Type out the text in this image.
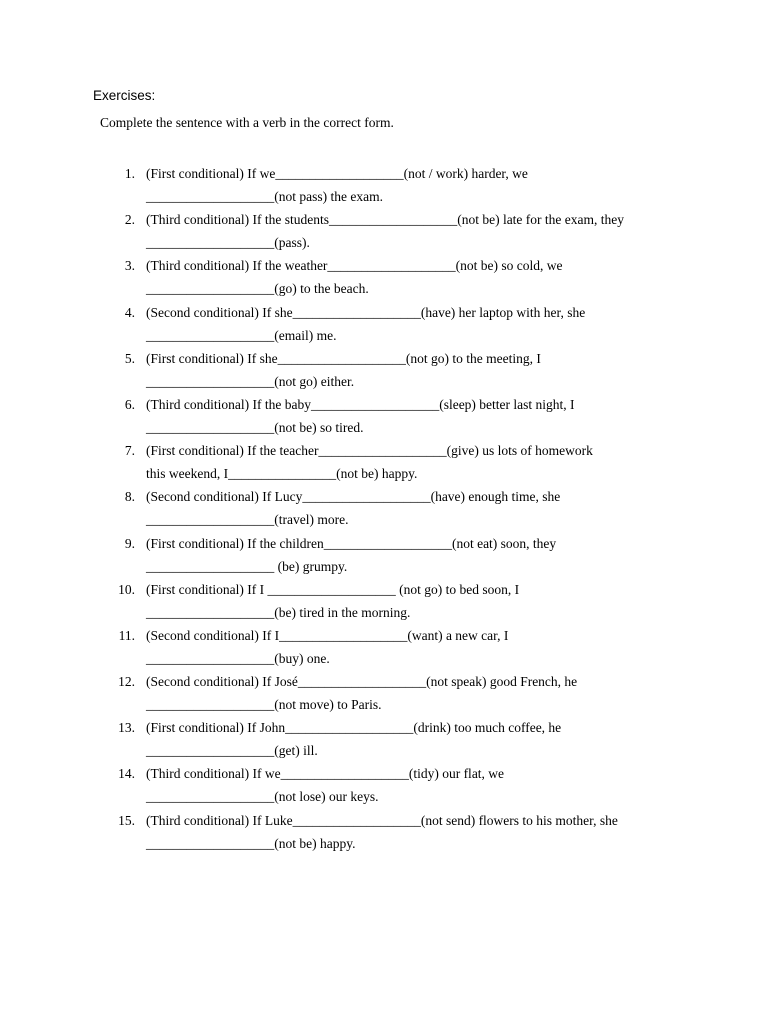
Exercises:
Complete the sentence with a verb in the correct form.
1. (First conditional) If we___________________(not / work) harder, we
___________________(not pass) the exam.
2. (Third conditional) If the students___________________(not be) late for the exam, they
___________________(pass).
3. (Third conditional) If the weather___________________(not be) so cold, we
___________________(go) to the beach.
4. (Second conditional) If she___________________(have) her laptop with her, she
___________________(email) me.
5. (First conditional) If she___________________(not go) to the meeting, I
___________________(not go) either.
6. (Third conditional) If the baby___________________(sleep) better last night, I
___________________(not be) so tired.
7. (First conditional) If the teacher___________________(give) us lots of homework
this weekend, I________________(not be) happy.
8. (Second conditional) If Lucy___________________(have) enough time, she
___________________(travel) more.
9. (First conditional) If the children___________________(not eat) soon, they
___________________ (be) grumpy.
10. (First conditional) If I ___________________ (not go) to bed soon, I
___________________(be) tired in the morning.
11. (Second conditional) If I___________________(want) a new car, I
___________________(buy) one.
12. (Second conditional) If José___________________(not speak) good French, he
___________________(not move) to Paris.
13. (First conditional) If John___________________(drink) too much coffee, he
___________________(get) ill.
14. (Third conditional) If we___________________(tidy) our flat, we
___________________(not lose) our keys.
15. (Third conditional) If Luke___________________(not send) flowers to his mother, she
___________________(not be) happy.
